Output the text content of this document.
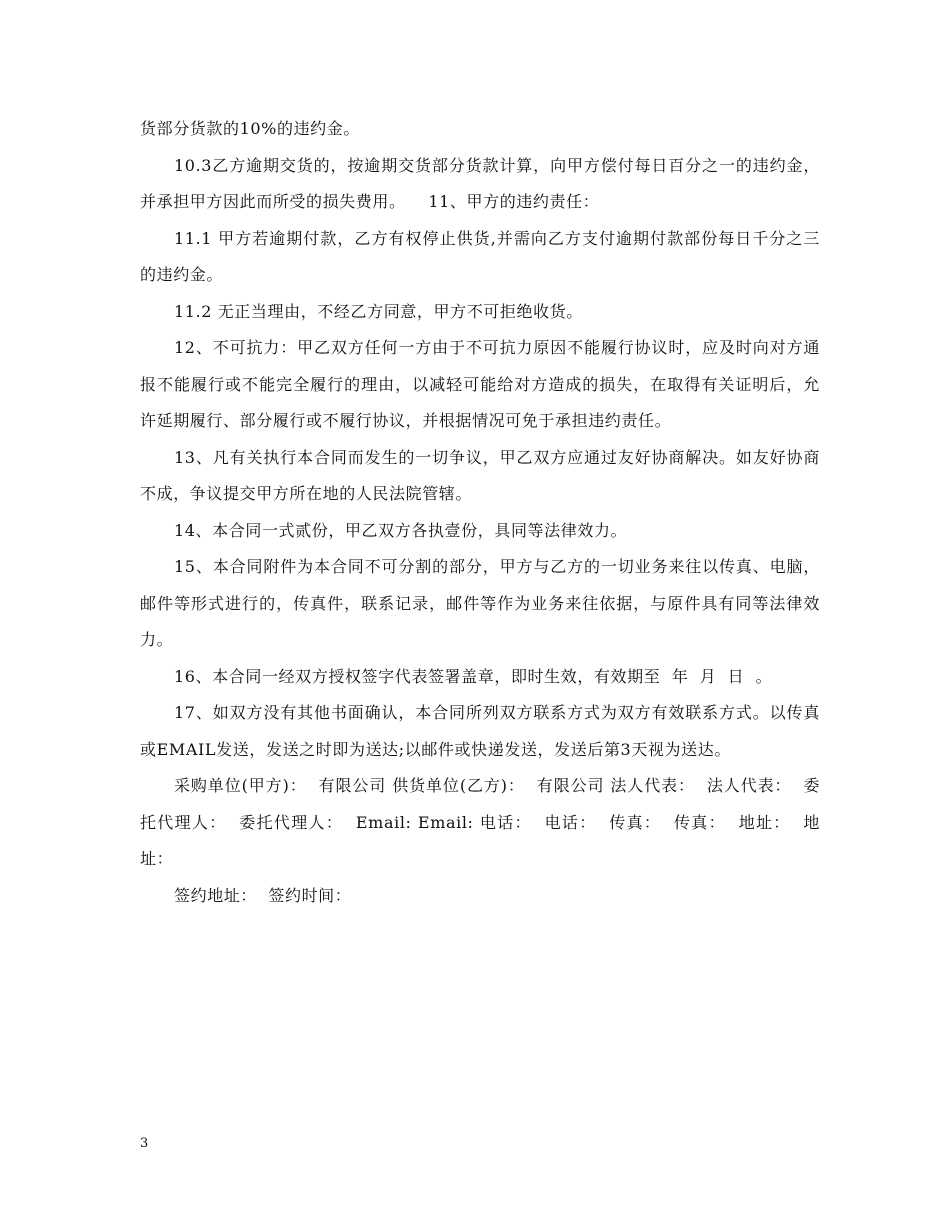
货部分货款的10%的违约金。

10.3乙方逾期交货的，按逾期交货部分货款计算，向甲方偿付每日百分之一的违约金，并承担甲方因此而所受的损失费用。    11、甲方的违约责任：

11.1 甲方若逾期付款，乙方有权停止供货,并需向乙方支付逾期付款部份每日千分之三的违约金。

11.2 无正当理由，不经乙方同意，甲方不可拒绝收货。

12、不可抗力：甲乙双方任何一方由于不可抗力原因不能履行协议时，应及时向对方通报不能履行或不能完全履行的理由，以减轻可能给对方造成的损失，在取得有关证明后，允许延期履行、部分履行或不履行协议，并根据情况可免于承担违约责任。

13、凡有关执行本合同而发生的一切争议，甲乙双方应通过友好协商解决。如友好协商不成，争议提交甲方所在地的人民法院管辖。

14、本合同一式贰份，甲乙双方各执壹份，具同等法律效力。

15、本合同附件为本合同不可分割的部分，甲方与乙方的一切业务来往以传真、电脑，邮件等形式进行的，传真件，联系记录，邮件等作为业务来往依据，与原件具有同等法律效力。

16、本合同一经双方授权签字代表签署盖章，即时生效，有效期至  年  月  日  。

17、如双方没有其他书面确认，本合同所列双方联系方式为双方有效联系方式。以传真或EMAIL发送，发送之时即为送达;以邮件或快递发送，发送后第3天视为送达。

采购单位(甲方)：  有限公司 供货单位(乙方)：  有限公司 法人代表：  法人代表：  委托代理人：  委托代理人：  Email: Email: 电话：  电话：  传真：  传真：  地址：  地址：

签约地址：  签约时间：

3
